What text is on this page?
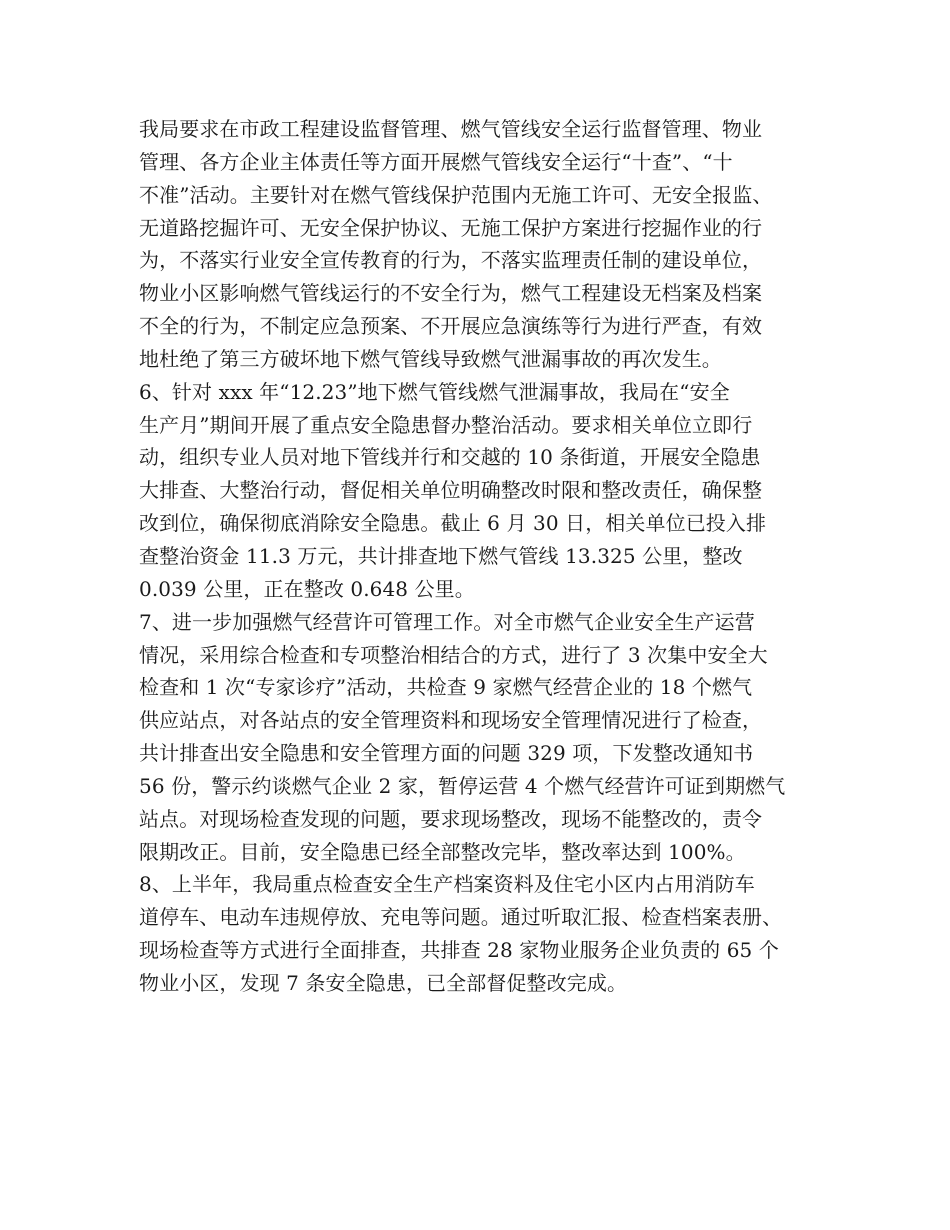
我局要求在市政工程建设监督管理、燃气管线安全运行监督管理、物业
管理、各方企业主体责任等方面开展燃气管线安全运行“十查”、“十
不准”活动。主要针对在燃气管线保护范围内无施工许可、无安全报监、
无道路挖掘许可、无安全保护协议、无施工保护方案进行挖掘作业的行
为，不落实行业安全宣传教育的行为，不落实监理责任制的建设单位，
物业小区影响燃气管线运行的不安全行为，燃气工程建设无档案及档案
不全的行为，不制定应急预案、不开展应急演练等行为进行严查，有效
地杜绝了第三方破坏地下燃气管线导致燃气泄漏事故的再次发生。
6、针对 xxx 年“12.23”地下燃气管线燃气泄漏事故，我局在“安全
生产月”期间开展了重点安全隐患督办整治活动。要求相关单位立即行
动，组织专业人员对地下管线并行和交越的 10 条街道，开展安全隐患
大排查、大整治行动，督促相关单位明确整改时限和整改责任，确保整
改到位，确保彻底消除安全隐患。截止 6 月 30 日，相关单位已投入排
查整治资金 11.3 万元，共计排查地下燃气管线 13.325 公里，整改
0.039 公里，正在整改 0.648 公里。
7、进一步加强燃气经营许可管理工作。对全市燃气企业安全生产运营
情况，采用综合检查和专项整治相结合的方式，进行了 3 次集中安全大
检查和 1 次“专家诊疗”活动，共检查 9 家燃气经营企业的 18 个燃气
供应站点，对各站点的安全管理资料和现场安全管理情况进行了检查，
共计排查出安全隐患和安全管理方面的问题 329 项，下发整改通知书
56 份，警示约谈燃气企业 2 家，暂停运营 4 个燃气经营许可证到期燃气
站点。对现场检查发现的问题，要求现场整改，现场不能整改的，责令
限期改正。目前，安全隐患已经全部整改完毕，整改率达到 100%。
8、上半年，我局重点检查安全生产档案资料及住宅小区内占用消防车
道停车、电动车违规停放、充电等问题。通过听取汇报、检查档案表册、
现场检查等方式进行全面排查，共排查 28 家物业服务企业负责的 65 个
物业小区，发现 7 条安全隐患，已全部督促整改完成。
